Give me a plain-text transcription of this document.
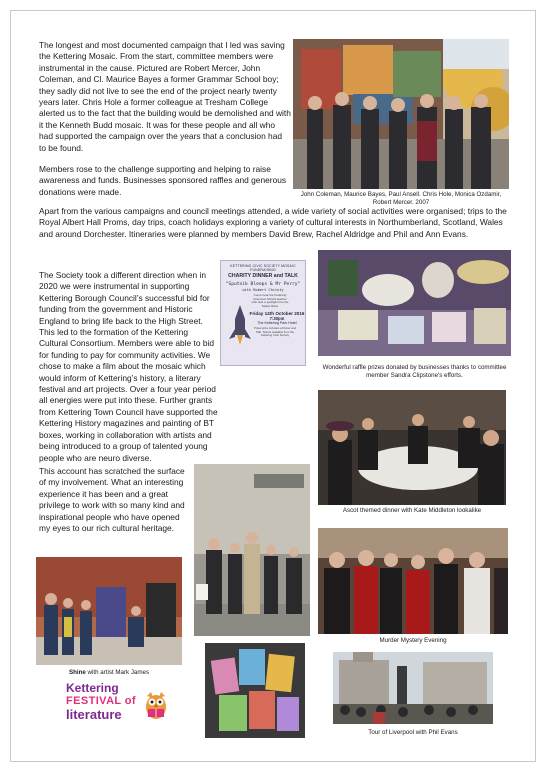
The longest and most documented campaign that I led was saving the Kettering Mosaic. From the start, committee members were instrumental in the cause. Pictured are Robert Mercer, John Coleman, and Cl. Maurice Bayes a former Grammar School boy; they sadly did not live to see the end of the project nearly twenty years later. Chris Hole a former colleague at Tresham College alerted us to the fact that the building would be demolished and with it the Kenneth Budd mosaic. It was for these people and all who had supported the campaign over the years that a conclusion had to be found.

Members rose to the challenge supporting and helping to raise awareness and funds. Businesses sponsored raffles and generous donations were made.

Apart from the various campaigns and council meetings attended, a wide variety of social activities were organised; trips to the Royal Albert Hall Proms, day trips, coach holidays exploring a variety of cultural interests in Northumberland, Scotland, Wales and around Dorchester. Itineraries were planned by members David Brew, Rachel Aldridge and Phil and Ann Evans.

The Society took a different direction when in 2020 we were instrumental in supporting Kettering Borough Council’s successful bid for funding from the government and Historic England to bring life back to the High Street. This led to the formation of the Kettering Cultural Consortium. Members were able to bid for funding to pay for community activities. We chose to make a film about the mosaic which would inform of Kettering’s history, a literary festival and art projects. Over a four year period all energies were put into these. Further grants from Kettering Town Council have supported the Kettering History magazines and painting of BT boxes, working in collaboration with artists and being introduced to a group of talented young people who are neuro diverse.

This account has scratched the surface of my involvement. What an interesting experience it has been and a great privilege to work with so many kind and inspirational people who have opened my eyes to our rich cultural heritage.

John Coleman, Maurice Bayes, Paul Ansell. Chris Hole, Monica Ozdamir, Robert Mercer. 2007

KETTERING CIVIC SOCIETY MOSAIC FUNDRAISING

CHARITY DINNER and TALK

"Sputnik Bleeps & Mr Perry"

with Robert Christy

Come hear the Kettering Grammar School teacher who was a spotlight into the Space Race

Friday 14th October 2016

7:30pm

The Kettering Park Hotel

Ticket price includes a Dinner and Talk. Tickets available from the Kettering Civic Society

Wonderful raffle prizes donated by businesses thanks to committee member Sandra Clipstone's efforts.

Ascot themed dinner with Kate Middleton lookalike

Murder Mystery Evening

Shine with artist Mark James

Kettering

FESTIVAL of

literature

Tour of Liverpool with Phil Evans
